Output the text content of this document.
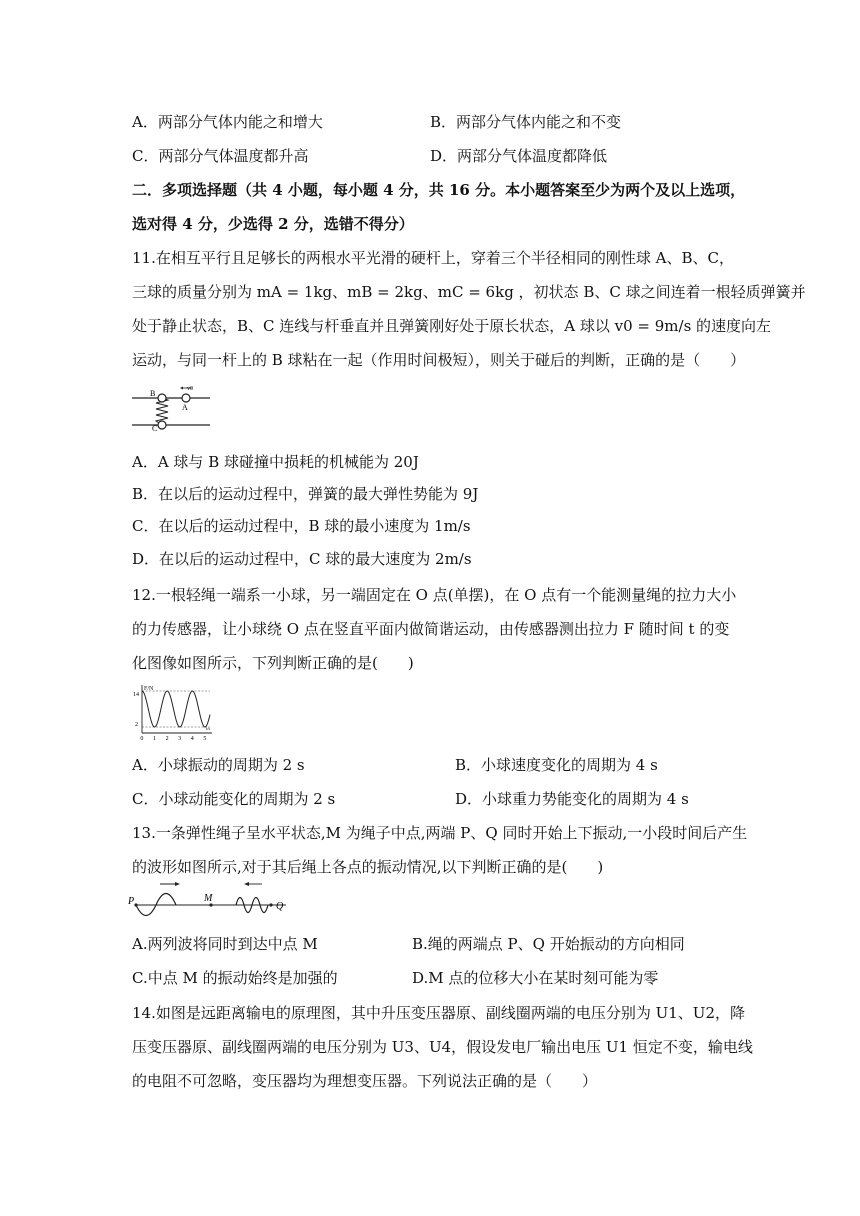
A．两部分气体内能之和增大	B．两部分气体内能之和不变
C．两部分气体温度都升高	D．两部分气体温度都降低
二．多项选择题（共 4 小题，每小题 4 分，共 16 分。本小题答案至少为两个及以上选项，
选对得 4 分，少选得 2 分，选错不得分）
11.在相互平行且足够长的两根水平光滑的硬杆上，穿着三个半径相同的刚性球 A、B、C，
三球的质量分别为 mA = 1kg、mB = 2kg、mC = 6kg ，初状态 B、C 球之间连着一根轻质弹簧并
处于静止状态，B、C 连线与杆垂直并且弹簧刚好处于原长状态，A 球以 v0 = 9m/s 的速度向左
运动，与同一杆上的 B 球粘在一起（作用时间极短），则关于碰后的判断，正确的是（　　）
B
A
C
v0
A．A 球与 B 球碰撞中损耗的机械能为 20J
B．在以后的运动过程中，弹簧的最大弹性势能为 9J
C．在以后的运动过程中，B 球的最小速度为 1m/s
D．在以后的运动过程中，C 球的最大速度为 2m/s
12.一根轻绳一端系一小球，另一端固定在 O 点(单摆)，在 O 点有一个能测量绳的拉力大小
的力传感器，让小球绕 O 点在竖直平面内做简谐运动，由传感器测出拉力 F 随时间 t 的变
化图像如图所示，下列判断正确的是(　　)
F/N
t/s
14
2
0 1 2 3 4 5
A．小球振动的周期为 2 s	B．小球速度变化的周期为 4 s
C．小球动能变化的周期为 2 s	D．小球重力势能变化的周期为 4 s
13.一条弹性绳子呈水平状态,M 为绳子中点,两端 P、Q 同时开始上下振动,一小段时间后产生
的波形如图所示,对于其后绳上各点的振动情况,以下判断正确的是(　　)
P	M
Q
A.两列波将同时到达中点 M	B.绳的两端点 P、Q 开始振动的方向相同
C.中点 M 的振动始终是加强的	D.M 点的位移大小在某时刻可能为零
14.如图是远距离输电的原理图，其中升压变压器原、副线圈两端的电压分别为 U1、U2，降
压变压器原、副线圈两端的电压分别为 U3、U4，假设发电厂输出电压 U1 恒定不变，输电线
的电阻不可忽略，变压器均为理想变压器。下列说法正确的是（　　）
